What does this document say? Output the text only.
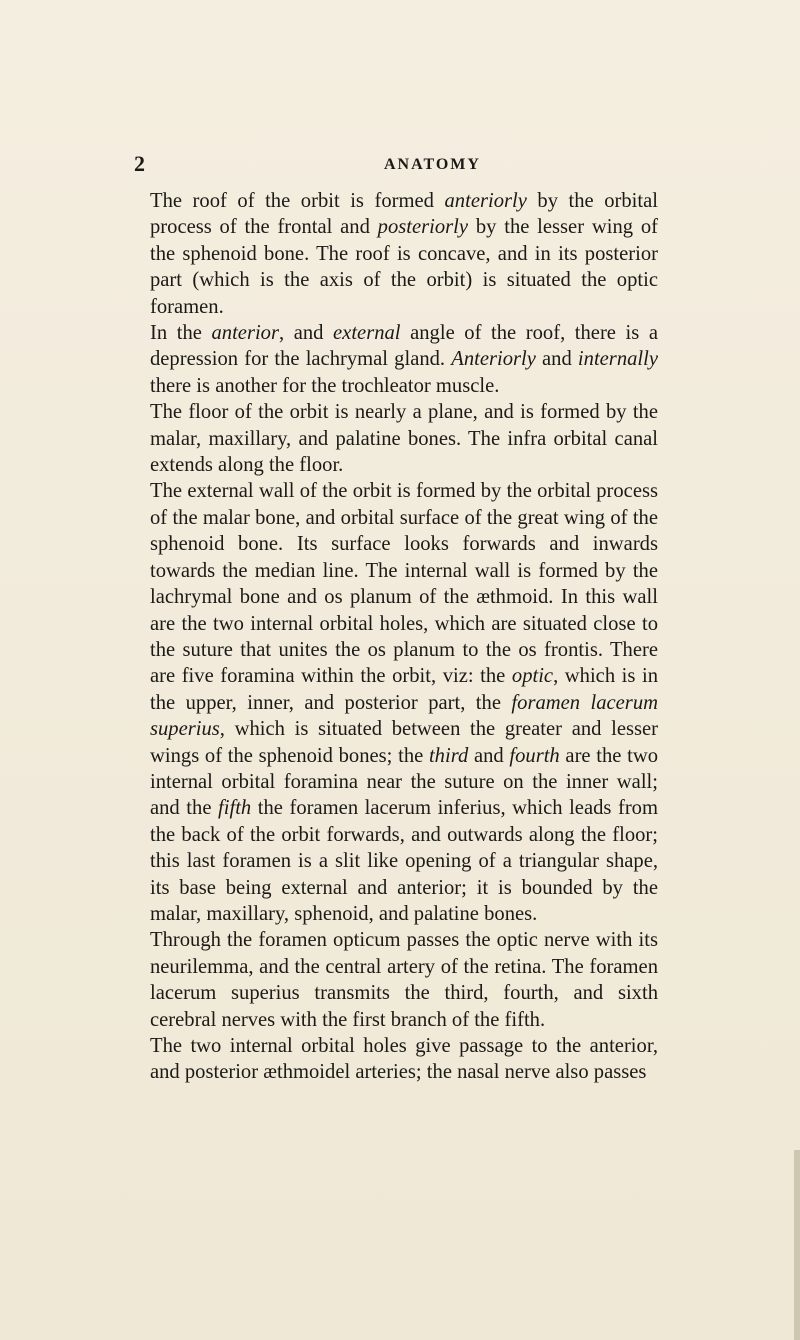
2	ANATOMY

The roof of the orbit is formed anteriorly by the orbital process of the frontal and posteriorly by the lesser wing of the sphenoid bone. The roof is concave, and in its posterior part (which is the axis of the orbit) is situated the optic foramen.

In the anterior, and external angle of the roof, there is a depression for the lachrymal gland. Anteriorly and internally there is another for the trochleator muscle.

The floor of the orbit is nearly a plane, and is formed by the malar, maxillary, and palatine bones. The infra orbital canal extends along the floor.

The external wall of the orbit is formed by the orbital process of the malar bone, and orbital surface of the great wing of the sphenoid bone. Its surface looks forwards and inwards towards the median line. The internal wall is formed by the lachrymal bone and os planum of the æthmoid. In this wall are the two internal orbital holes, which are situated close to the suture that unites the os planum to the os frontis. There are five foramina within the orbit, viz: the optic, which is in the upper, inner, and posterior part, the foramen lacerum superius, which is situated between the greater and lesser wings of the sphenoid bones; the third and fourth are the two internal orbital foramina near the suture on the inner wall; and the fifth the foramen lacerum inferius, which leads from the back of the orbit forwards, and outwards along the floor; this last foramen is a slit like opening of a triangular shape, its base being external and anterior; it is bounded by the malar, maxillary, sphenoid, and palatine bones.

Through the foramen opticum passes the optic nerve with its neurilemma, and the central artery of the retina. The foramen lacerum superius transmits the third, fourth, and sixth cerebral nerves with the first branch of the fifth.

The two internal orbital holes give passage to the anterior, and posterior æthmoidel arteries; the nasal nerve also passes
